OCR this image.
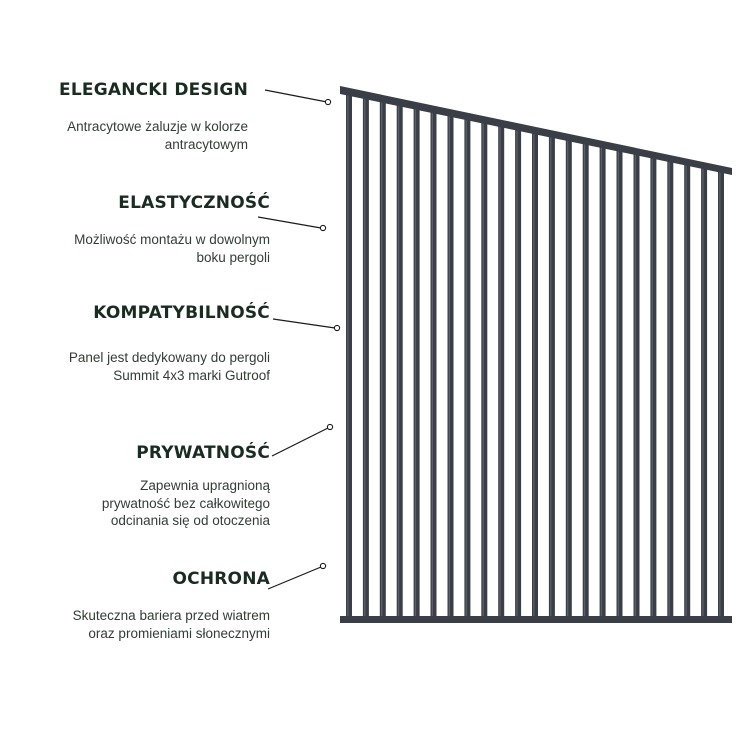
ELEGANCKI DESIGN
Antracytowe żaluzje w kolorze
antracytowym
ELASTYCZNOŚĆ
Możliwość montażu w dowolnym
boku pergoli
KOMPATYBILNOŚĆ
Panel jest dedykowany do pergoli
Summit 4x3 marki Gutroof
PRYWATNOŚĆ
Zapewnia upragnioną
prywatność bez całkowitego
odcinania się od otoczenia
OCHRONA
Skuteczna bariera przed wiatrem
oraz promieniami słonecznymi
